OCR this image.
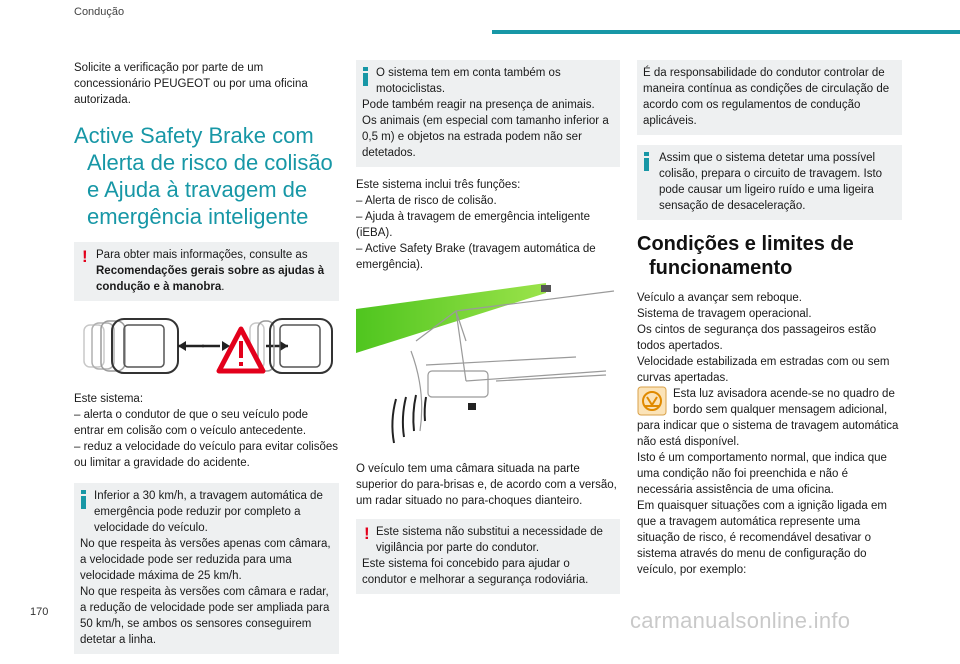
Condução

Solicite a verificação por parte de um concessionário PEUGEOT ou por uma oficina autorizada.

Active Safety Brake com
Alerta de risco de colisão
e Ajuda à travagem de
emergência inteligente
! Para obter mais informações, consulte as Recomendações gerais sobre as ajudas à condução e à manobra.

Este sistema:

– alerta o condutor de que o seu veículo pode entrar em colisão com o veículo antecedente.

– reduz a velocidade do veículo para evitar colisões ou limitar a gravidade do acidente.

Inferior a 30 km/h, a travagem automática de emergência pode reduzir por completo a velocidade do veículo.
No que respeita às versões apenas com câmara, a velocidade pode ser reduzida para uma velocidade máxima de 25 km/h.
No que respeita às versões com câmara e radar, a redução de velocidade pode ser ampliada para 50 km/h, se ambos os sensores conseguirem detetar a linha.
O sistema tem em conta também os motociclistas.
Pode também reagir na presença de animais.
Os animais (em especial com tamanho inferior a 0,5 m) e objetos na estrada podem não ser detetados.

Este sistema inclui três funções:

– Alerta de risco de colisão.

– Ajuda à travagem de emergência inteligente (iEBA).

– Active Safety Brake (travagem automática de emergência).

O veículo tem uma câmara situada na parte superior do para-brisas e, de acordo com a versão, um radar situado no para-choques dianteiro.

! Este sistema não substitui a necessidade de vigilância por parte do condutor.
Este sistema foi concebido para ajudar o condutor e melhorar a segurança rodoviária.
É da responsabilidade do condutor controlar de maneira contínua as condições de circulação de acordo com os regulamentos de condução aplicáveis.
Assim que o sistema detetar uma possível colisão, prepara o circuito de travagem. Isto pode causar um ligeiro ruído e uma ligeira sensação de desaceleração.
Condições e limites de
funcionamento

Veículo a avançar sem reboque.

Sistema de travagem operacional.

Os cintos de segurança dos passageiros estão todos apertados.

Velocidade estabilizada em estradas com ou sem curvas apertadas.

Esta luz avisadora acende-se no quadro de bordo sem qualquer mensagem adicional,

para indicar que o sistema de travagem automática não está disponível.

Isto é um comportamento normal, que indica que uma condição não foi preenchida e não é necessária assistência de uma oficina.

Em quaisquer situações com a ignição ligada em que a travagem automática represente uma situação de risco, é recomendável desativar o sistema através do menu de configuração do veículo, por exemplo:

170	carmanualsonline.info
